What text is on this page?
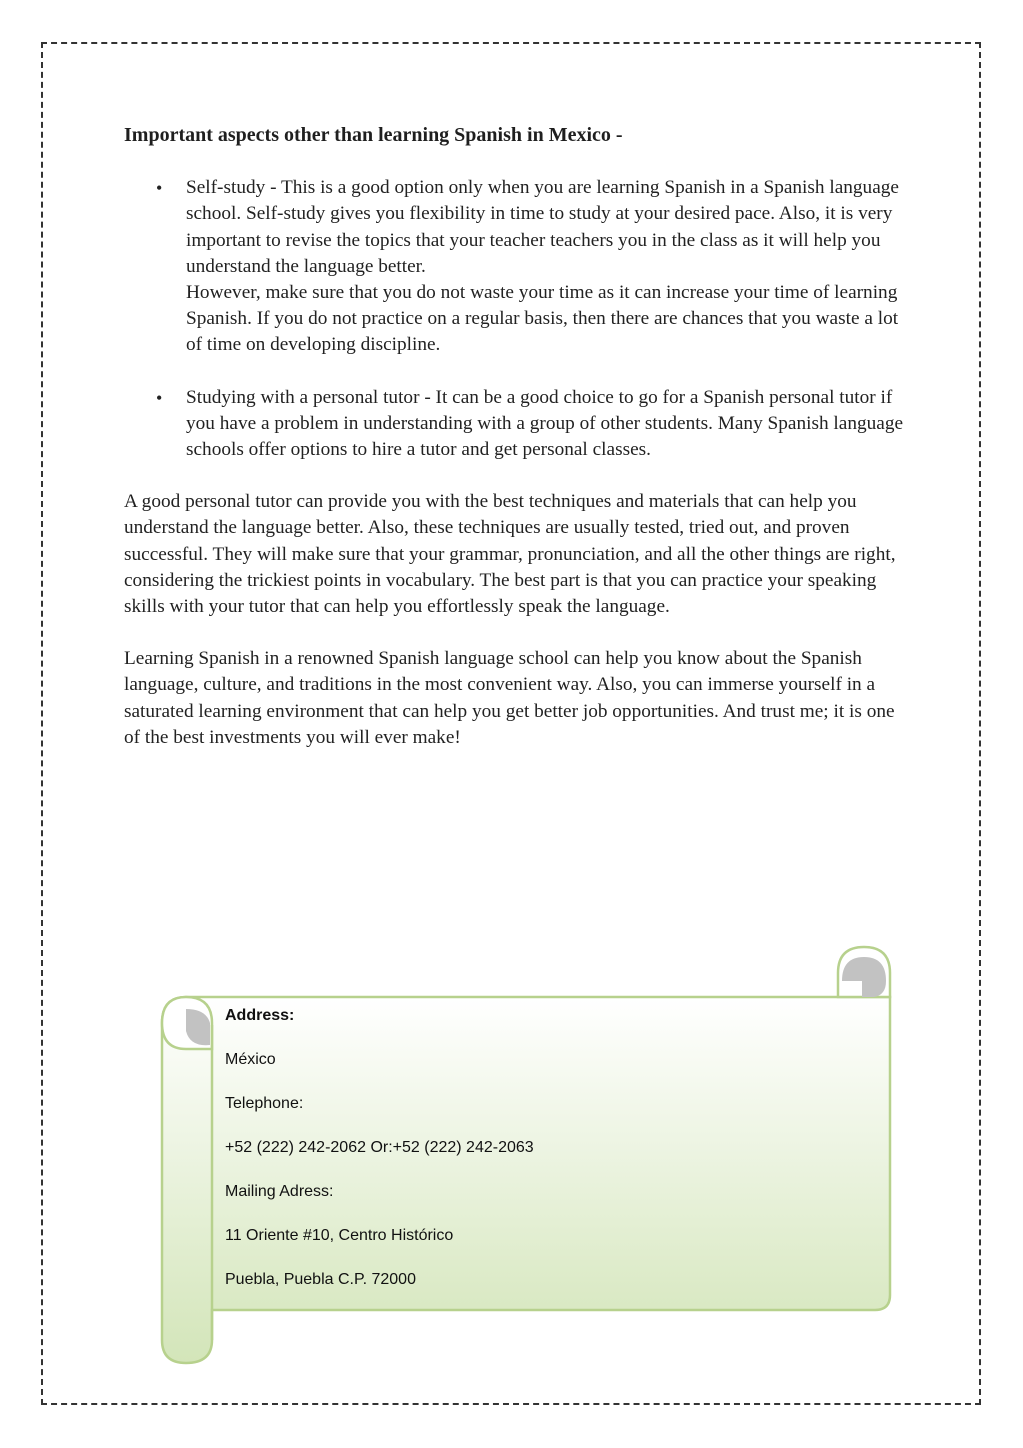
Important aspects other than learning Spanish in Mexico -
• Self-study - This is a good option only when you are learning Spanish in a Spanish language school. Self-study gives you flexibility in time to study at your desired pace. Also, it is very important to revise the topics that your teacher teachers you in the class as it will help you understand the language better.
However, make sure that you do not waste your time as it can increase your time of learning Spanish. If you do not practice on a regular basis, then there are chances that you waste a lot of time on developing discipline.
• Studying with a personal tutor - It can be a good choice to go for a Spanish personal tutor if you have a problem in understanding with a group of other students. Many Spanish language schools offer options to hire a tutor and get personal classes.

A good personal tutor can provide you with the best techniques and materials that can help you understand the language better. Also, these techniques are usually tested, tried out, and proven successful. They will make sure that your grammar, pronunciation, and all the other things are right, considering the trickiest points in vocabulary. The best part is that you can practice your speaking skills with your tutor that can help you effortlessly speak the language.

Learning Spanish in a renowned Spanish language school can help you know about the Spanish language, culture, and traditions in the most convenient way. Also, you can immerse yourself in a saturated learning environment that can help you get better job opportunities. And trust me; it is one of the best investments you will ever make!

Address:
México
Telephone:
+52 (222) 242-2062 Or:+52 (222) 242-2063
Mailing Adress:
11 Oriente #10, Centro Histórico
Puebla, Puebla C.P. 72000
